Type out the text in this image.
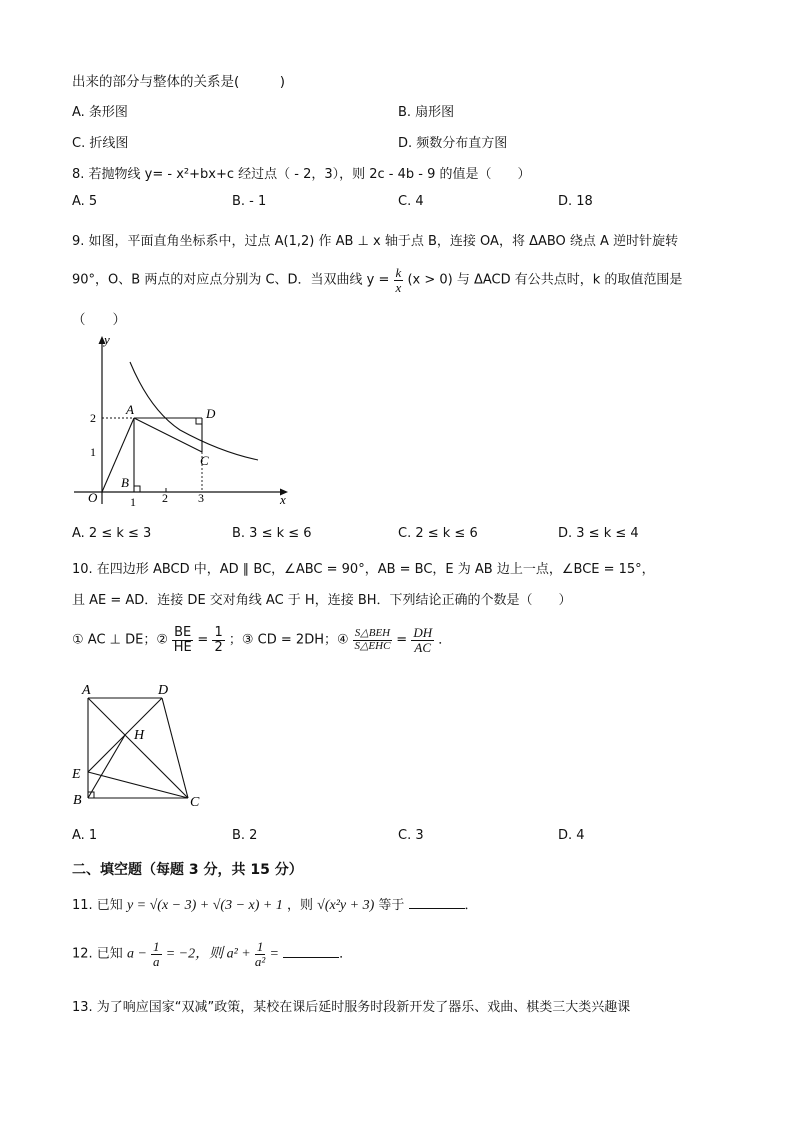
出来的部分与整体的关系是(　　　)
A. 条形图	B. 扇形图
C. 折线图	D. 频数分布直方图
8. 若抛物线 y= - x²+bx+c 经过点（ - 2，3），则 2c - 4b - 9 的值是（　　）
A. 5	B. - 1	C. 4	D. 18
9. 如图，平面直角坐标系中，过点 A(1,2) 作 AB ⊥ x 轴于点 B，连接 OA，将 ΔABO 绕点 A 逆时针旋转
90°，O、B 两点的对应点分别为 C、D．当双曲线 $y = \frac{k}{x} (x > 0)$ 与 ΔACD 有公共点时，k 的取值范围是
（　　）
y
x
O
A
B
C
D
1 2	3
1
2
A. 2 ≤ k ≤ 3	B. 3 ≤ k ≤ 6	C. 2 ≤ k ≤ 6	D. 3 ≤ k ≤ 4
10. 在四边形 ABCD 中，AD ∥ BC，∠ABC = 90°，AB = BC，E 为 AB 边上一点，∠BCE = 15°，
且 AE = AD．连接 DE 交对角线 AC 于 H，连接 BH．下列结论正确的个数是（　　）
① AC ⊥ DE；② $\frac{BE}{HE} = \frac{1}{2}$ ；③ CD = 2DH；④ $\frac{\text{S△BEH}}{\text{S△EHC}} = \frac{DH}{AC}$ ．
A	D
H
E
B	C
A. 1	B. 2	C. 3	D. 4
二、填空题（每题 3 分，共 15 分）
11. 已知 y = √(x − 3) + √(3 − x) + 1 ，则 √(x²y + 3) 等于	．
12. 已知 $a - \frac{1}{a} = -2$，则 $a^2 + \frac{1}{\text{a²}}$ =	．
13. 为了响应国家“双减”政策，某校在课后延时服务时段新开发了器乐、戏曲、棋类三大类兴趣课
